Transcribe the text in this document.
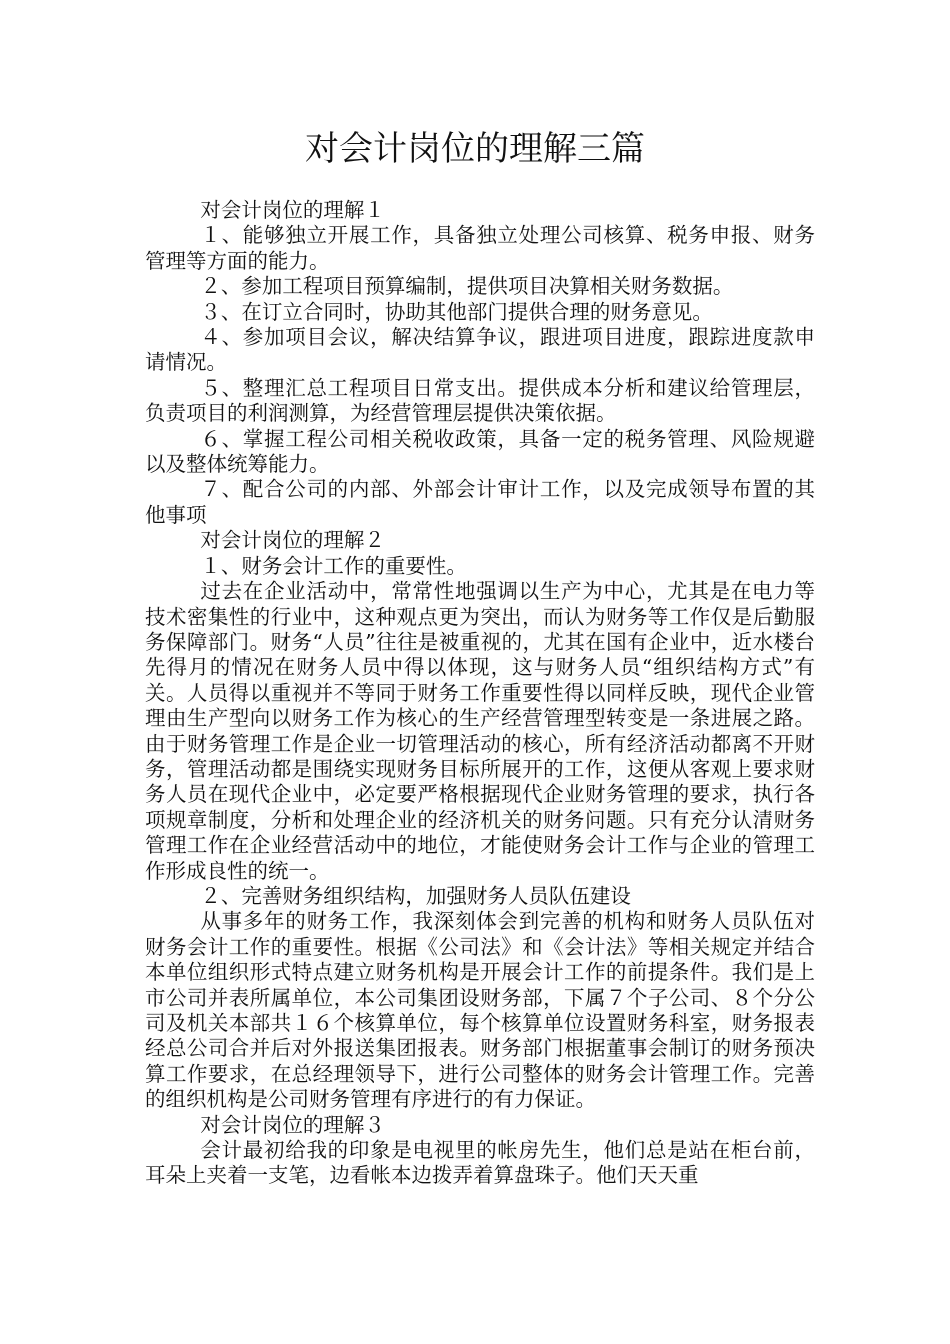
对会计岗位的理解三篇

对会计岗位的理解１

１、能够独立开展工作，具备独立处理公司核算、税务申报、财务管理等方面的能力。

２、参加工程项目预算编制，提供项目决算相关财务数据。

３、在订立合同时，协助其他部门提供合理的财务意见。

４、参加项目会议，解决结算争议，跟进项目进度，跟踪进度款申请情况。

５、整理汇总工程项目日常支出。提供成本分析和建议给管理层，负责项目的利润测算，为经营管理层提供决策依据。

６、掌握工程公司相关税收政策，具备一定的税务管理、风险规避以及整体统筹能力。

７、配合公司的内部、外部会计审计工作，以及完成领导布置的其他事项

对会计岗位的理解２

１、财务会计工作的重要性。

过去在企业活动中，常常性地强调以生产为中心，尤其是在电力等技术密集性的行业中，这种观点更为突出，而认为财务等工作仅是后勤服务保障部门。财务“人员”往往是被重视的，尤其在国有企业中，近水楼台先得月的情况在财务人员中得以体现，这与财务人员“组织结构方式”有关。人员得以重视并不等同于财务工作重要性得以同样反映，现代企业管理由生产型向以财务工作为核心的生产经营管理型转变是一条进展之路。由于财务管理工作是企业一切管理活动的核心，所有经济活动都离不开财务，管理活动都是围绕实现财务目标所展开的工作，这便从客观上要求财务人员在现代企业中，必定要严格根据现代企业财务管理的要求，执行各项规章制度，分析和处理企业的经济机关的财务问题。只有充分认清财务管理工作在企业经营活动中的地位，才能使财务会计工作与企业的管理工作形成良性的统一。

２、完善财务组织结构，加强财务人员队伍建设

从事多年的财务工作，我深刻体会到完善的机构和财务人员队伍对财务会计工作的重要性。根据《公司法》和《会计法》等相关规定并结合本单位组织形式特点建立财务机构是开展会计工作的前提条件。我们是上市公司并表所属单位，本公司集团设财务部，下属７个子公司、８个分公司及机关本部共１６个核算单位，每个核算单位设置财务科室，财务报表经总公司合并后对外报送集团报表。财务部门根据董事会制订的财务预决算工作要求，在总经理领导下，进行公司整体的财务会计管理工作。完善的组织机构是公司财务管理有序进行的有力保证。

对会计岗位的理解３

会计最初给我的印象是电视里的帐房先生，他们总是站在柜台前，耳朵上夹着一支笔，边看帐本边拨弄着算盘珠子。他们天天重
